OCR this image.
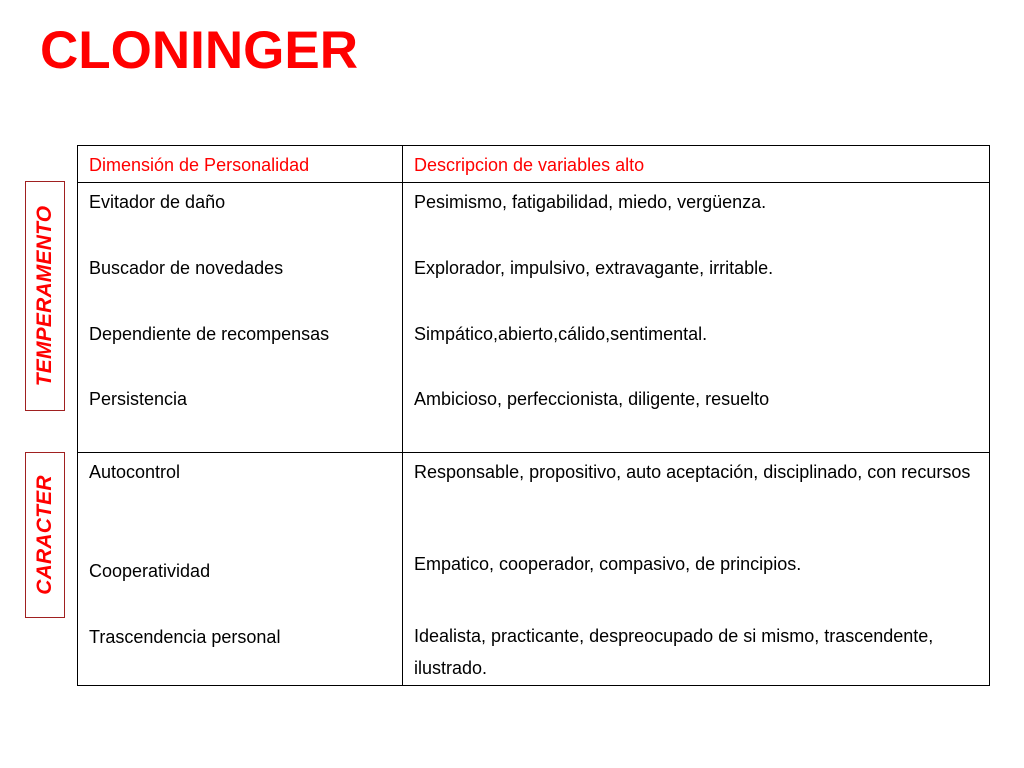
CLONINGER
TEMPERAMENTO
CARACTER
Dimensión de Personalidad	Descripcion de variables alto
Evitador de daño	Pesimismo, fatigabilidad, miedo, vergüenza.
Buscador de novedades	Explorador, impulsivo, extravagante, irritable.
Dependiente de recompensas	Simpático,abierto,cálido,sentimental.
Persistencia	Ambicioso, perfeccionista, diligente, resuelto
Autocontrol	Responsable, propositivo, auto aceptación, disciplinado, con recursos
Cooperatividad	Empatico, cooperador, compasivo, de principios.
Trascendencia personal	Idealista, practicante, despreocupado de si mismo, trascendente, ilustrado.
